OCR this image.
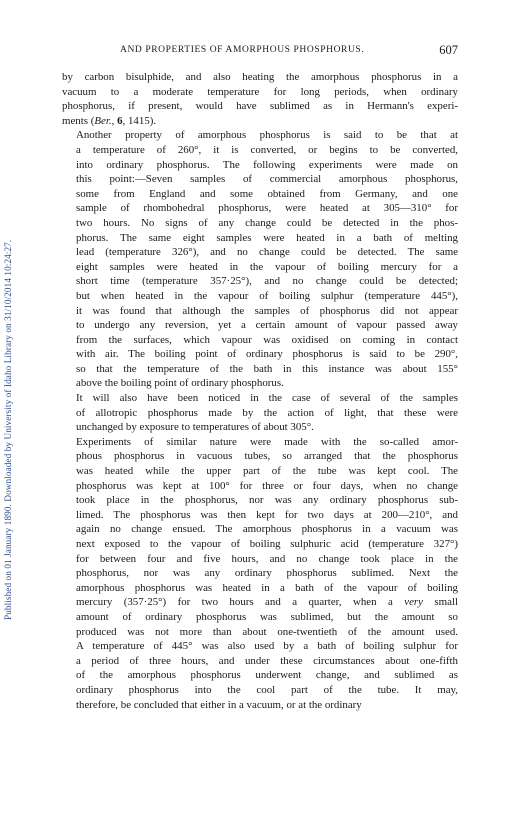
Published on 01 January 1890. Downloaded by University of Idaho Library on 31/10/2014 10:24:27.
AND PROPERTIES OF AMORPHOUS PHOSPHORUS.	607

by carbon bisulphide, and also heating the amorphous phosphorus in a
vacuum to a moderate temperature for long periods, when ordinary
phosphorus, if present, would have sublimed as in Hermann's experi-
ments (Ber., 6, 1415).

Another property of amorphous phosphorus is said to be that at
a temperature of 260°, it is converted, or begins to be converted,
into ordinary phosphorus. The following experiments were made on
this point:—Seven samples of commercial amorphous phosphorus,
some from England and some obtained from Germany, and one
sample of rhombohedral phosphorus, were heated at 305—310° for
two hours. No signs of any change could be detected in the phos-
phorus. The same eight samples were heated in a bath of melting
lead (temperature 326°), and no change could be detected. The same
eight samples were heated in the vapour of boiling mercury for a
short time (temperature 357·25°), and no change could be detected;
but when heated in the vapour of boiling sulphur (temperature 445°),
it was found that although the samples of phosphorus did not appear
to undergo any reversion, yet a certain amount of vapour passed away
from the surfaces, which vapour was oxidised on coming in contact
with air. The boiling point of ordinary phosphorus is said to be 290°,
so that the temperature of the bath in this instance was about 155°
above the boiling point of ordinary phosphorus.

It will also have been noticed in the case of several of the samples
of allotropic phosphorus made by the action of light, that these were
unchanged by exposure to temperatures of about 305°.

Experiments of similar nature were made with the so-called amor-
phous phosphorus in vacuous tubes, so arranged that the phosphorus
was heated while the upper part of the tube was kept cool. The
phosphorus was kept at 100° for three or four days, when no change
took place in the phosphorus, nor was any ordinary phosphorus sub-
limed. The phosphorus was then kept for two days at 200—210°, and
again no change ensued. The amorphous phosphorus in a vacuum was
next exposed to the vapour of boiling sulphuric acid (temperature 327°)
for between four and five hours, and no change took place in the
phosphorus, nor was any ordinary phosphorus sublimed. Next the
amorphous phosphorus was heated in a bath of the vapour of boiling
mercury (357·25°) for two hours and a quarter, when a very small
amount of ordinary phosphorus was sublimed, but the amount so
produced was not more than about one-twentieth of the amount used.
A temperature of 445° was also used by a bath of boiling sulphur for
a period of three hours, and under these circumstances about one-fifth
of the amorphous phosphorus underwent change, and sublimed as
ordinary phosphorus into the cool part of the tube. It may,
therefore, be concluded that either in a vacuum, or at the ordinary
